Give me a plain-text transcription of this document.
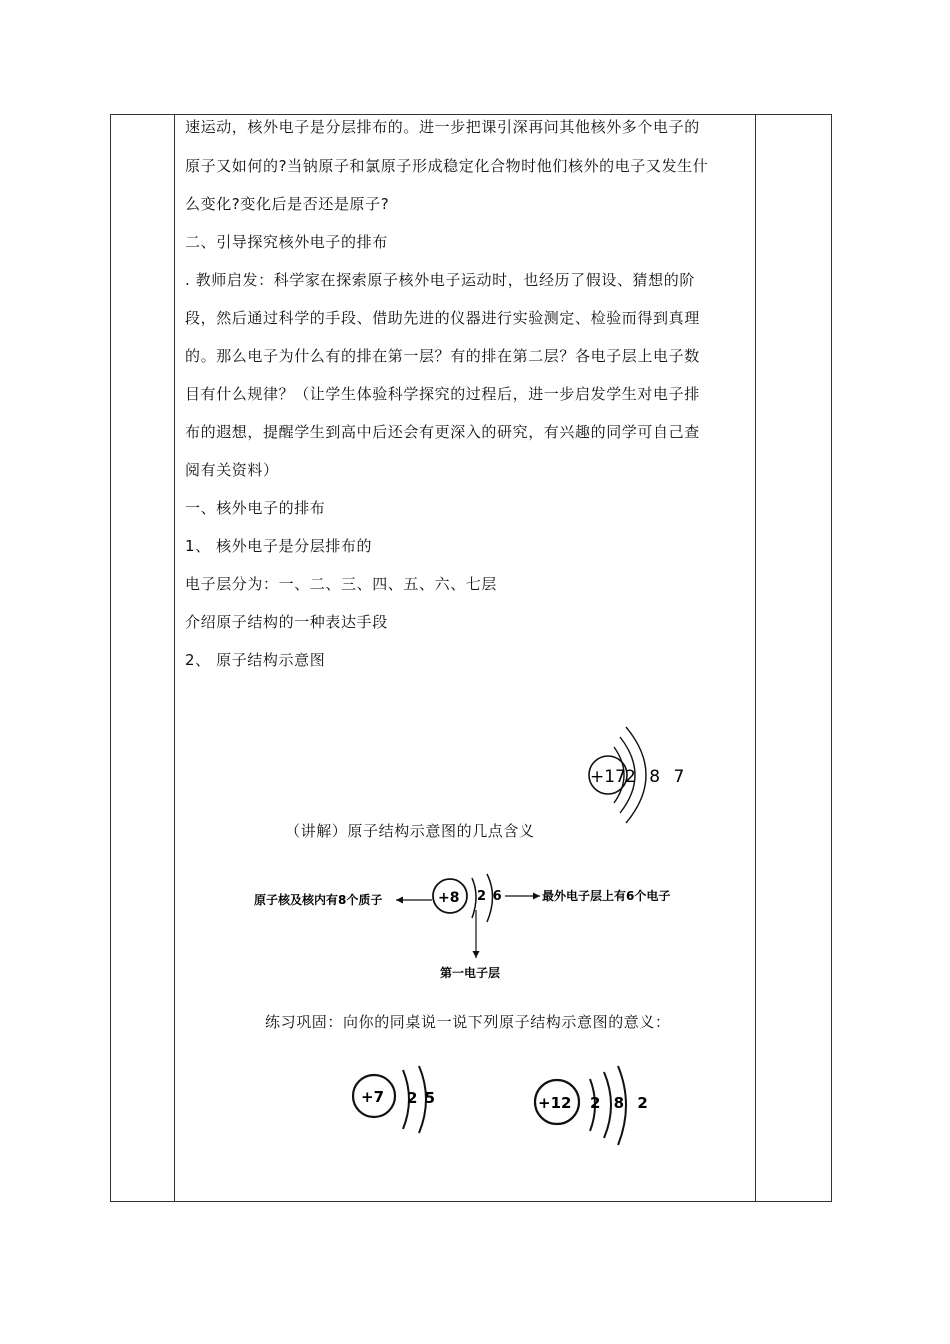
速运动，核外电子是分层排布的。进一步把课引深再问其他核外多个电子的
原子又如何的?当钠原子和氯原子形成稳定化合物时他们核外的电子又发生什
么变化?变化后是否还是原子?
二、引导探究核外电子的排布
. 教师启发：科学家在探索原子核外电子运动时，也经历了假设、猜想的阶
段，然后通过科学的手段、借助先进的仪器进行实验测定、检验而得到真理
的。那么电子为什么有的排在第一层？有的排在第二层？各电子层上电子数
目有什么规律？（让学生体验科学探究的过程后，进一步启发学生对电子排
布的遐想，提醒学生到高中后还会有更深入的研究，有兴趣的同学可自己查
阅有关资料）
一、核外电子的排布
1、 核外电子是分层排布的
电子层分为：一、二、三、四、五、六、七层
介绍原子结构的一种表达手段
2、 原子结构示意图
+17 2 8 7
（讲解）原子结构示意图的几点含义
原子核及核内有8个质子	+8 2 6	最外电子层上有6个电子
第一电子层
练习巩固：向你的同桌说一说下列原子结构示意图的意义：
+7 2 5	+12 2 8 2
